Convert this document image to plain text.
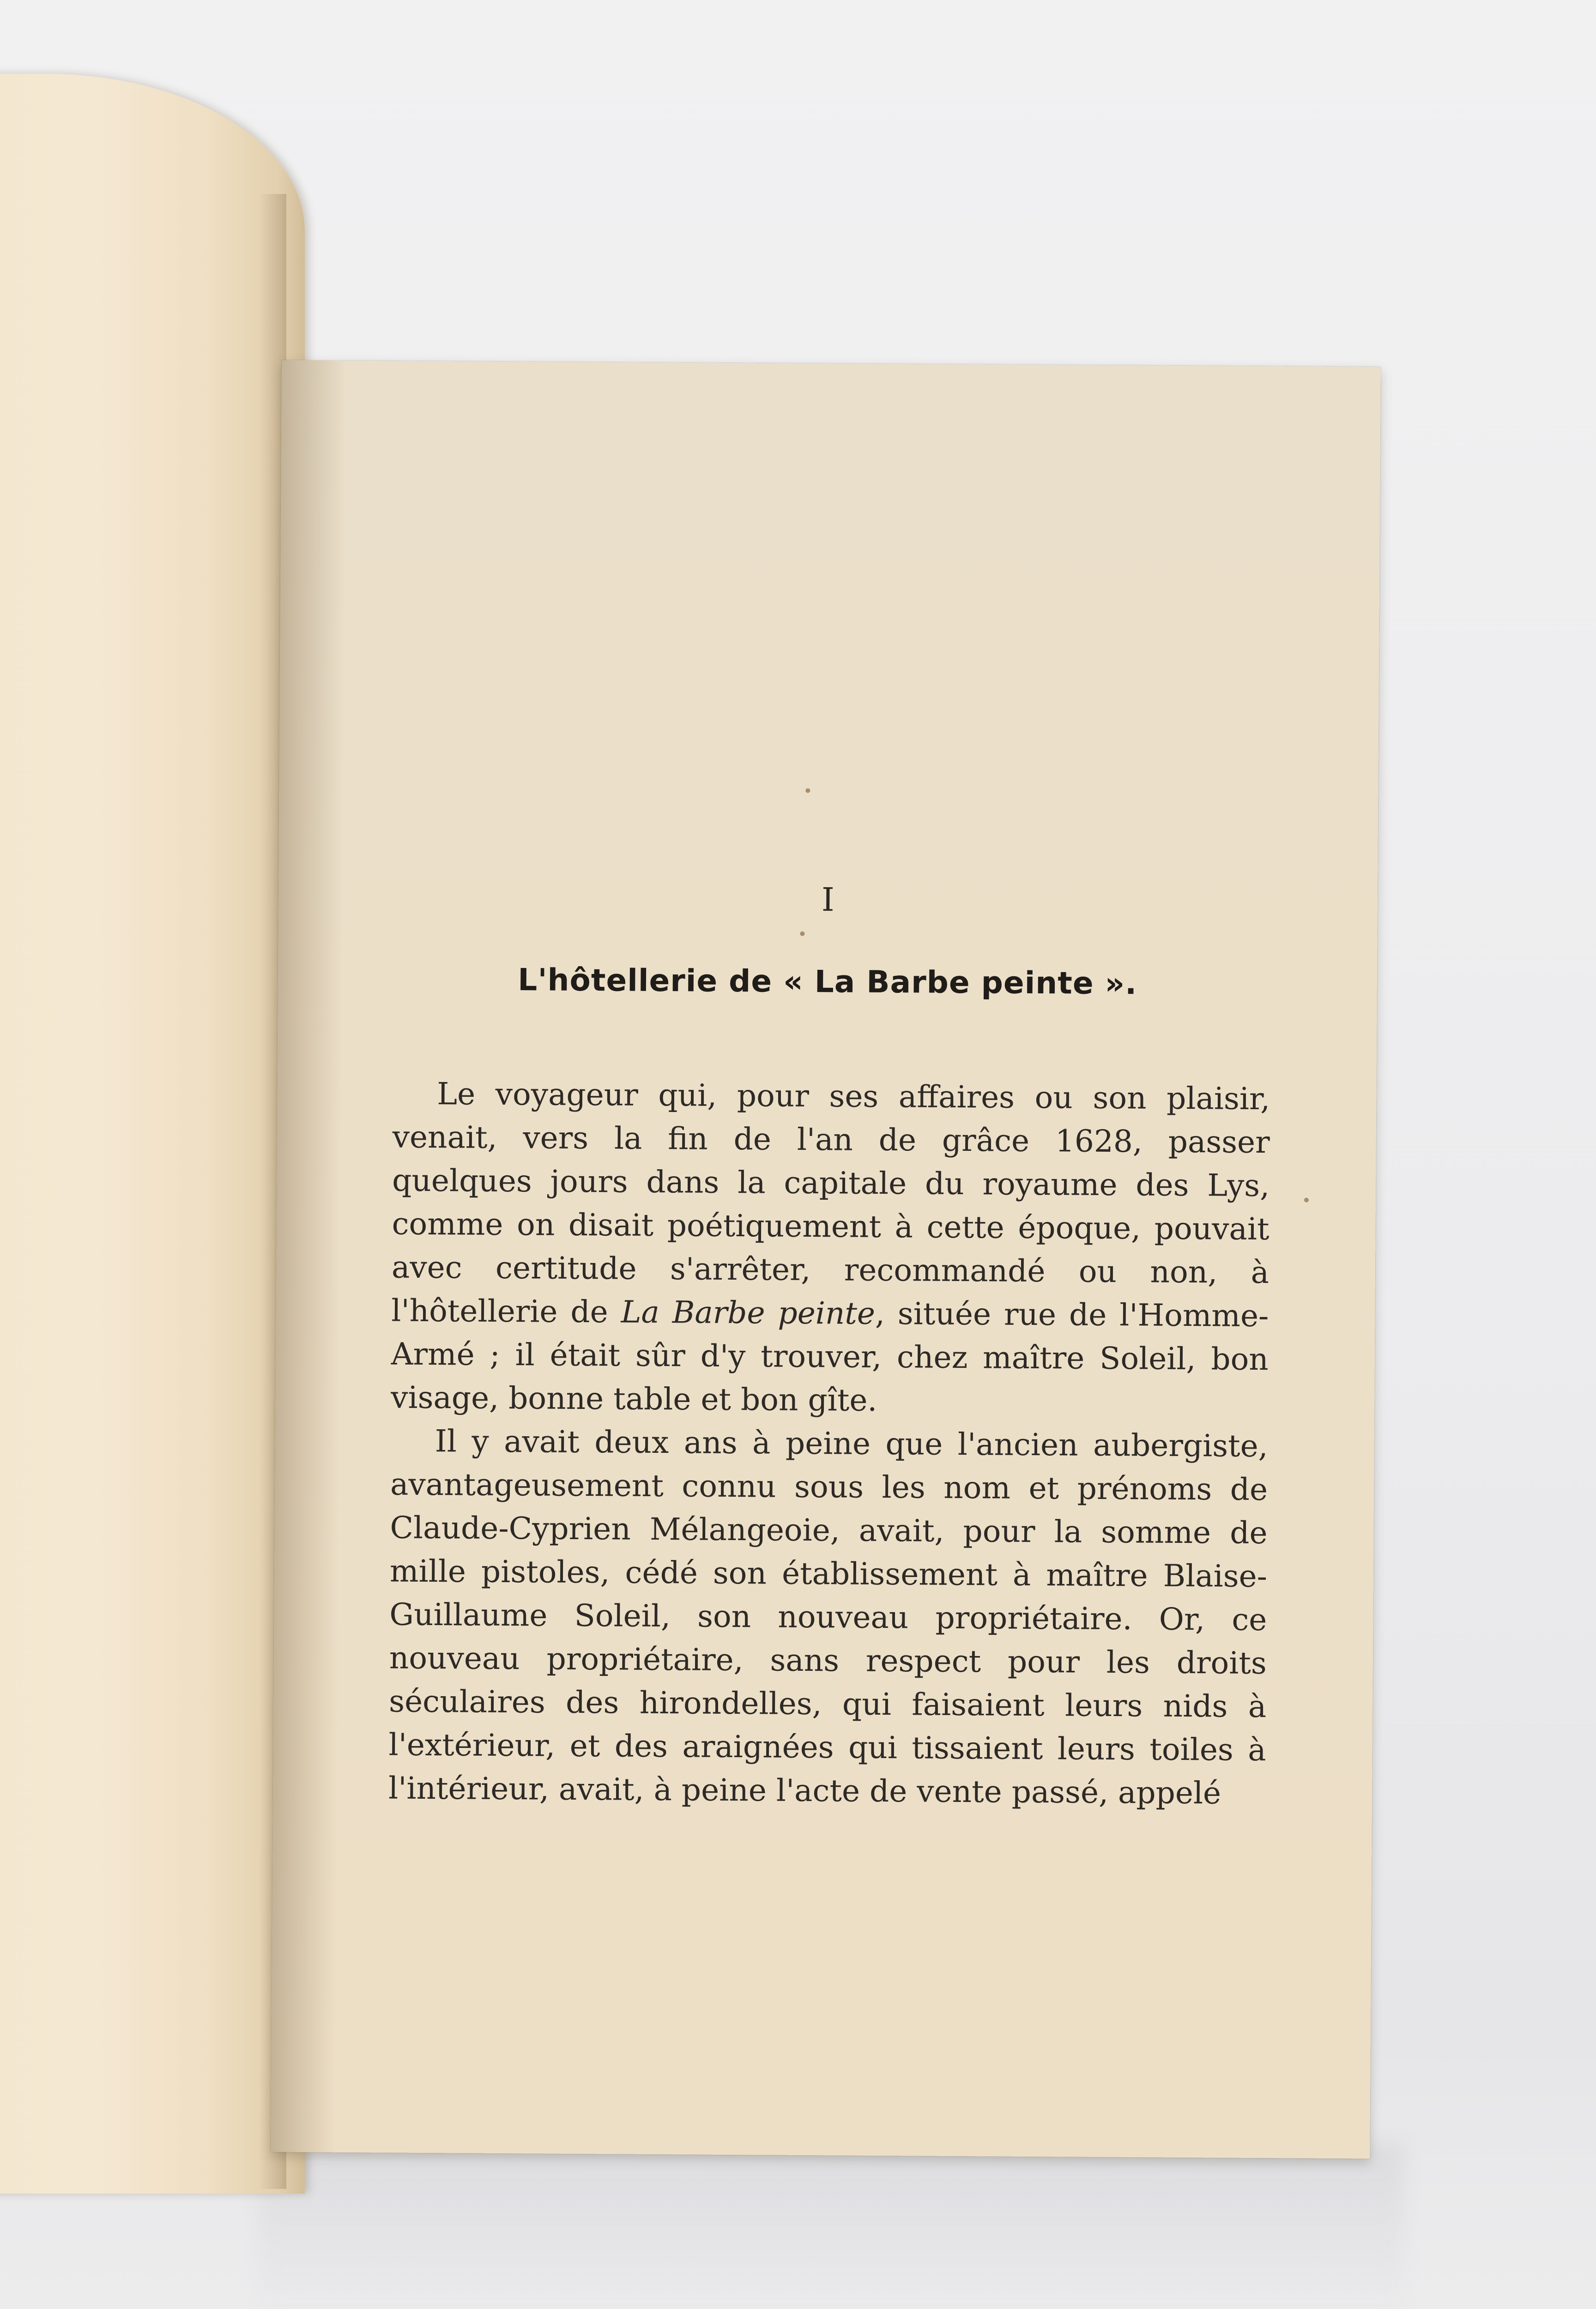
I
L'hôtellerie de « La Barbe peinte ».

Le voyageur qui, pour ses affaires ou son plaisir, venait, vers la fin de l'an de grâce 1628, passer quelques jours dans la capitale du royaume des Lys, comme on disait poétiquement à cette époque, pouvait avec certitude s'arrêter, recommandé ou non, à l'hôtellerie de La Barbe peinte, située rue de l'Homme-Armé ; il était sûr d'y trouver, chez maître Soleil, bon visage, bonne table et bon gîte.

Il y avait deux ans à peine que l'ancien aubergiste, avantageusement connu sous les nom et prénoms de Claude-Cyprien Mélangeoie, avait, pour la somme de mille pistoles, cédé son établissement à maître Blaise-Guillaume Soleil, son nouveau propriétaire. Or, ce nouveau propriétaire, sans respect pour les droits séculaires des hirondelles, qui faisaient leurs nids à l'extérieur, et des araignées qui tissaient leurs toiles à l'intérieur, avait, à peine l'acte de vente passé, appelé
